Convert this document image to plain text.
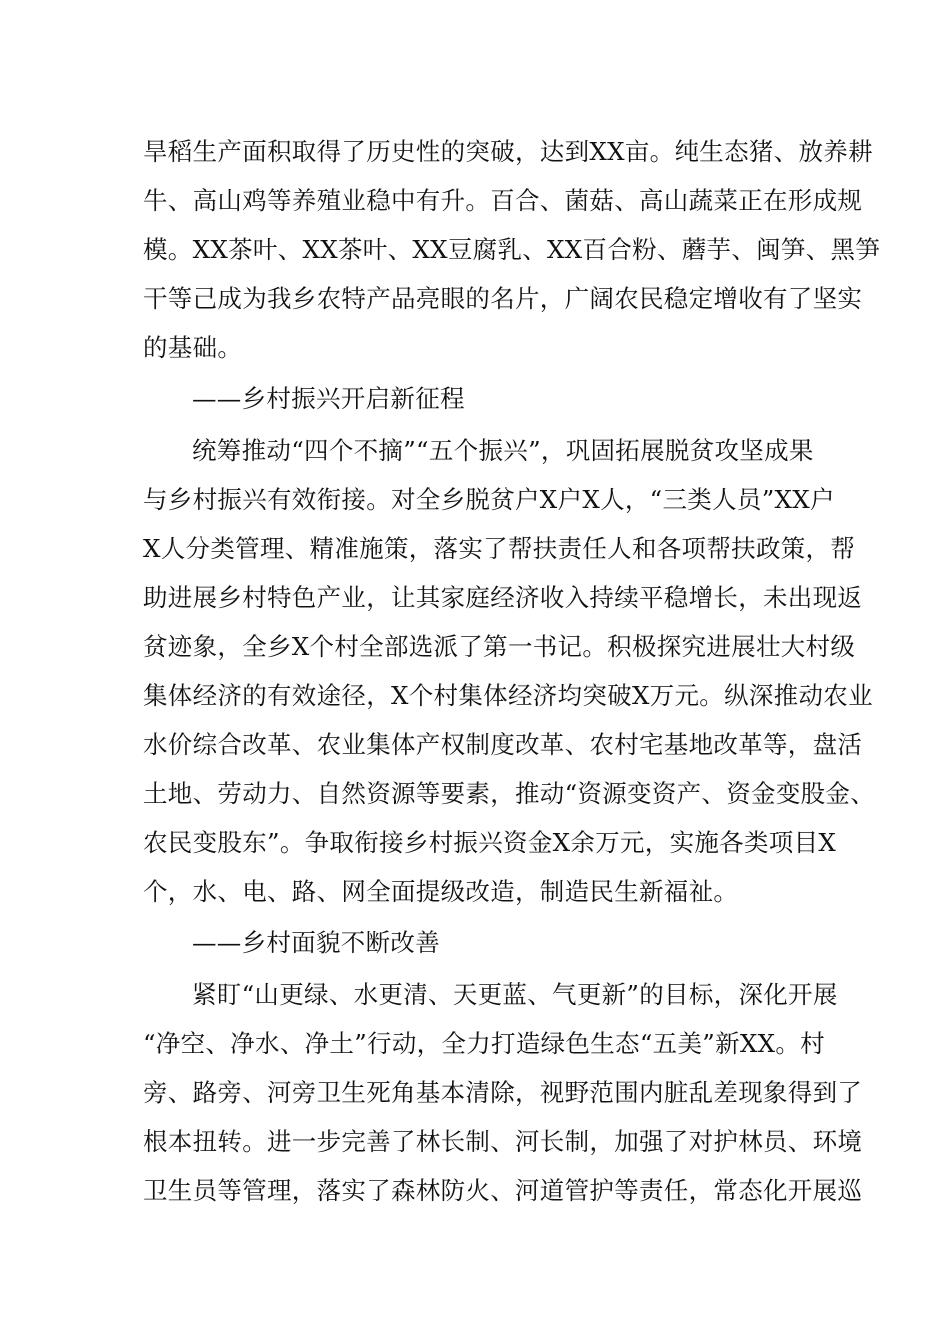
旱稻生产面积取得了历史性的突破，达到XX亩。纯生态猪、放养耕
牛、高山鸡等养殖业稳中有升。百合、菌菇、高山蔬菜正在形成规
模。XX茶叶、XX茶叶、XX豆腐乳、XX百合粉、蘑芋、闽笋、黑笋
干等己成为我乡农特产品亮眼的名片，广阔农民稳定增收有了坚实
的基础。
——乡村振兴开启新征程
统筹推动“四个不摘”“五个振兴”，巩固拓展脱贫攻坚成果
与乡村振兴有效衔接。对全乡脱贫户X户X人，“三类人员”XX户
X人分类管理、精准施策，落实了帮扶责任人和各项帮扶政策，帮
助进展乡村特色产业，让其家庭经济收入持续平稳增长，未出现返
贫迹象，全乡X个村全部选派了第一书记。积极探究进展壮大村级
集体经济的有效途径，X个村集体经济均突破X万元。纵深推动农业
水价综合改革、农业集体产权制度改革、农村宅基地改革等，盘活
土地、劳动力、自然资源等要素，推动“资源变资产、资金变股金、
农民变股东”。争取衔接乡村振兴资金X余万元，实施各类项目X
个，水、电、路、网全面提级改造，制造民生新福祉。
——乡村面貌不断改善
紧盯“山更绿、水更清、天更蓝、气更新”的目标，深化开展
“净空、净水、净土”行动，全力打造绿色生态“五美”新XX。村
旁、路旁、河旁卫生死角基本清除，视野范围内脏乱差现象得到了
根本扭转。进一步完善了林长制、河长制，加强了对护林员、环境
卫生员等管理，落实了森林防火、河道管护等责任，常态化开展巡
